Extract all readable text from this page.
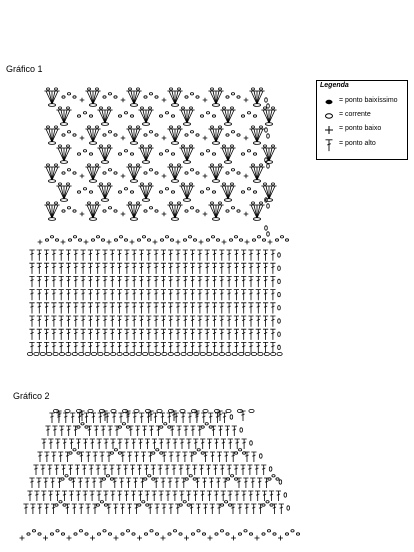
Gráfico 1
Gráfico 2
Legenda
= ponto baixíssimo
= corrente
= ponto baixo
= ponto alto
